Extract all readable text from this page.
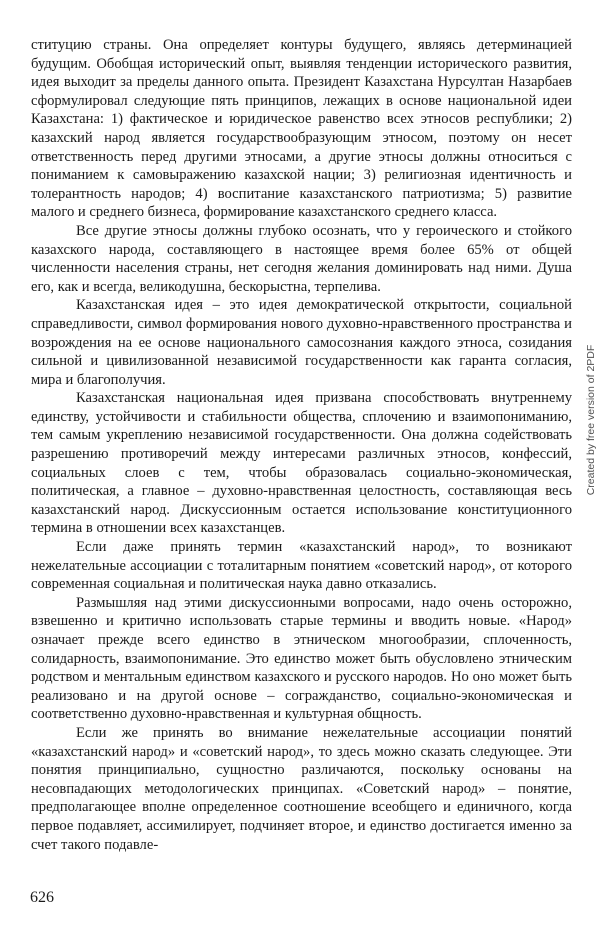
ституцию страны. Она определяет контуры будущего, являясь детерминацией будущим. Обобщая исторический опыт, выявляя тенденции исторического развития, идея выходит за пределы данного опыта. Президент Казахстана Нурсултан Назарбаев сформулировал следующие пять принципов, лежащих в основе национальной идеи Казахстана: 1) фактическое и юридическое равенство всех этносов республики; 2) казахский народ является государствообразующим этносом, поэтому он несет ответственность перед другими этносами, а другие этносы должны относиться с пониманием к самовыражению казахской нации; 3) религиозная идентичность и толерантность народов; 4) воспитание казахстанского патриотизма; 5) развитие малого и среднего бизнеса, формирование казахстанского среднего класса.

Все другие этносы должны глубоко осознать, что у героического и стойкого казахского народа, составляющего в настоящее время более 65% от общей численности населения страны, нет сегодня желания доминировать над ними. Душа его, как и всегда, великодушна, бескорыстна, терпелива.

Казахстанская идея – это идея демократической открытости, социальной справедливости, символ формирования нового духовно-нравственного пространства и возрождения на ее основе национального самосознания каждого этноса, созидания сильной и цивилизованной независимой государственности как гаранта согласия, мира и благополучия.

Казахстанская национальная идея призвана способствовать внутреннему единству, устойчивости и стабильности общества, сплочению и взаимопониманию, тем самым укреплению независимой государственности. Она должна содействовать разрешению противоречий между интересами различных этносов, конфессий, социальных слоев с тем, чтобы образовалась социально-экономическая, политическая, а главное – духовно-нравственная целостность, составляющая весь казахстанский народ. Дискуссионным остается использование конституционного термина в отношении всех казахстанцев.

Если даже принять термин «казахстанский народ», то возникают нежелательные ассоциации с тоталитарным понятием «советский народ», от которого современная социальная и политическая наука давно отказались.

Размышляя над этими дискуссионными вопросами, надо очень осторожно, взвешенно и критично использовать старые термины и вводить новые. «Народ» означает прежде всего единство в этническом многообразии, сплоченность, солидарность, взаимопонимание. Это единство может быть обусловлено этническим родством и ментальным единством казахского и русского народов. Но оно может быть реализовано и на другой основе – согражданство, социально-экономическая и соответственно духовно-нравственная и культурная общность.

Если же принять во внимание нежелательные ассоциации понятий «казахстанский народ» и «советский народ», то здесь можно сказать следующее. Эти понятия принципиально, сущностно различаются, поскольку основаны на несовпадающих методологических принципах. «Советский народ» – понятие, предполагающее вполне определенное соотношение всеобщего и единичного, когда первое подавляет, ассимилирует, подчиняет второе, и единство достигается именно за счет такого подавле-

626
Created by free version of 2PDF
